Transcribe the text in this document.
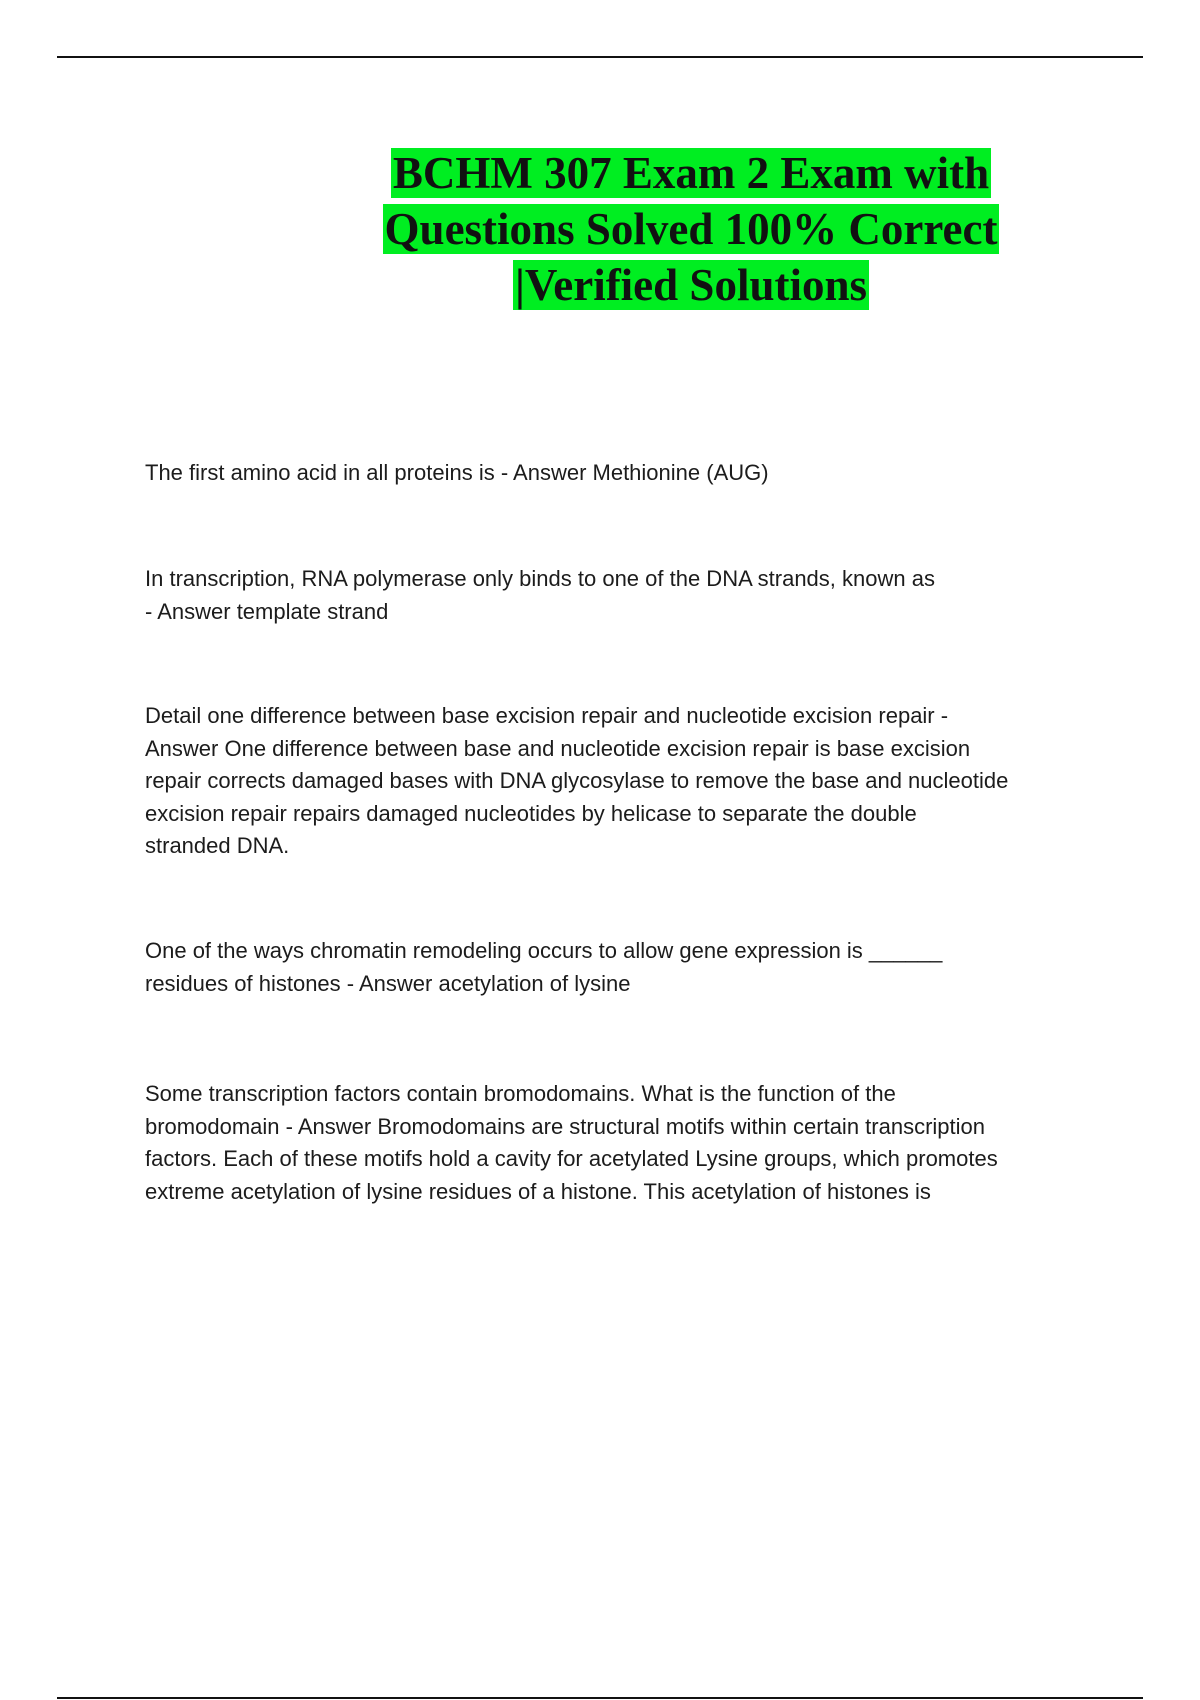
BCHM 307 Exam 2 Exam with
Questions Solved 100% Correct
|Verified Solutions
The first amino acid in all proteins is - Answer Methionine (AUG)
In transcription, RNA polymerase only binds to one of the DNA strands, known as
- Answer template strand
Detail one difference between base excision repair and nucleotide excision repair -
Answer One difference between base and nucleotide excision repair is base excision
repair corrects damaged bases with DNA glycosylase to remove the base and nucleotide
excision repair repairs damaged nucleotides by helicase to separate the double
stranded DNA.
One of the ways chromatin remodeling occurs to allow gene expression is ______
residues of histones - Answer acetylation of lysine
Some transcription factors contain bromodomains. What is the function of the
bromodomain - Answer Bromodomains are structural motifs within certain transcription
factors. Each of these motifs hold a cavity for acetylated Lysine groups, which promotes
extreme acetylation of lysine residues of a histone. This acetylation of histones is
